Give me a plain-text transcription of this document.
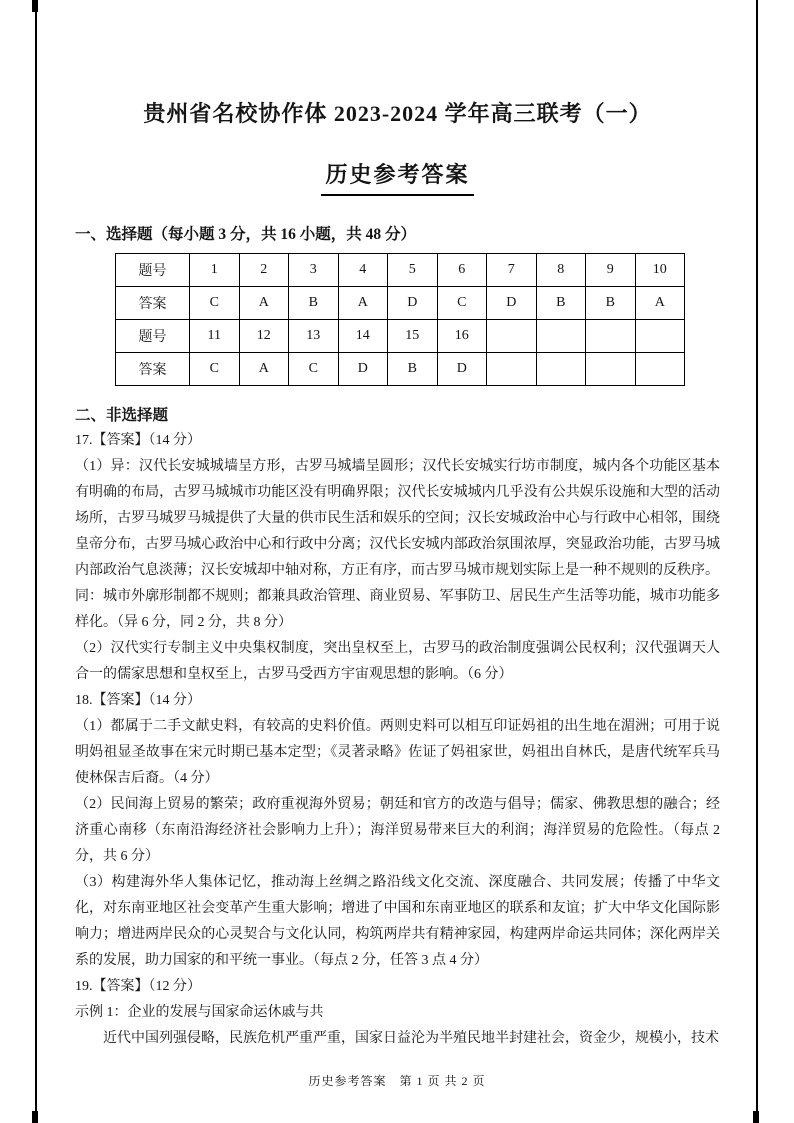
贵州省名校协作体 2023-2024 学年高三联考（一）
历史参考答案
一、选择题（每小题 3 分，共 16 小题，共 48 分）
题号	1	2	3	4	5	6	7	8	9	10
答案	C	A	B	A	D	C	D	B	B	A
题号	11	12	13	14	15	16				
答案	C	A	C	D	B	D				
二、非选择题

17.【答案】（14 分）

（1）异：汉代长安城城墙呈方形，古罗马城墙呈圆形；汉代长安城实行坊市制度，城内各个功能区基本有明确的布局，古罗马城城市功能区没有明确界限；汉代长安城城内几乎没有公共娱乐设施和大型的活动场所，古罗马城罗马城提供了大量的供市民生活和娱乐的空间；汉长安城政治中心与行政中心相邻，围绕皇帝分布，古罗马城心政治中心和行政中分离；汉代长安城内部政治氛围浓厚，突显政治功能，古罗马城内部政治气息淡薄；汉长安城却中轴对称，方正有序，而古罗马城市规划实际上是一种不规则的反秩序。

同：城市外廓形制都不规则；都兼具政治管理、商业贸易、军事防卫、居民生产生活等功能，城市功能多样化。（异 6 分，同 2 分，共 8 分）

（2）汉代实行专制主义中央集权制度，突出皇权至上，古罗马的政治制度强调公民权利；汉代强调天人合一的儒家思想和皇权至上，古罗马受西方宇宙观思想的影响。（6 分）

18.【答案】（14 分）

（1）都属于二手文献史料，有较高的史料价值。两则史料可以相互印证妈祖的出生地在湄洲；可用于说明妈祖显圣故事在宋元时期已基本定型；《灵著录略》佐证了妈祖家世，妈祖出自林氏，是唐代统军兵马使林保吉后裔。（4 分）

（2）民间海上贸易的繁荣；政府重视海外贸易；朝廷和官方的改造与倡导；儒家、佛教思想的融合；经济重心南移（东南沿海经济社会影响力上升）；海洋贸易带来巨大的利润；海洋贸易的危险性。（每点 2 分，共 6 分）

（3）构建海外华人集体记忆，推动海上丝绸之路沿线文化交流、深度融合、共同发展；传播了中华文化，对东南亚地区社会变革产生重大影响；增进了中国和东南亚地区的联系和友谊；扩大中华文化国际影响力；增进两岸民众的心灵契合与文化认同，构筑两岸共有精神家园，构建两岸命运共同体；深化两岸关系的发展，助力国家的和平统一事业。（每点 2 分，任答 3 点 4 分）

19.【答案】（12 分）

示例 1：企业的发展与国家命运休戚与共

近代中国列强侵略，民族危机严重严重，国家日益沦为半殖民地半封建社会，资金少，规模小，技术

历史参考答案　第 1 页 共 2 页
